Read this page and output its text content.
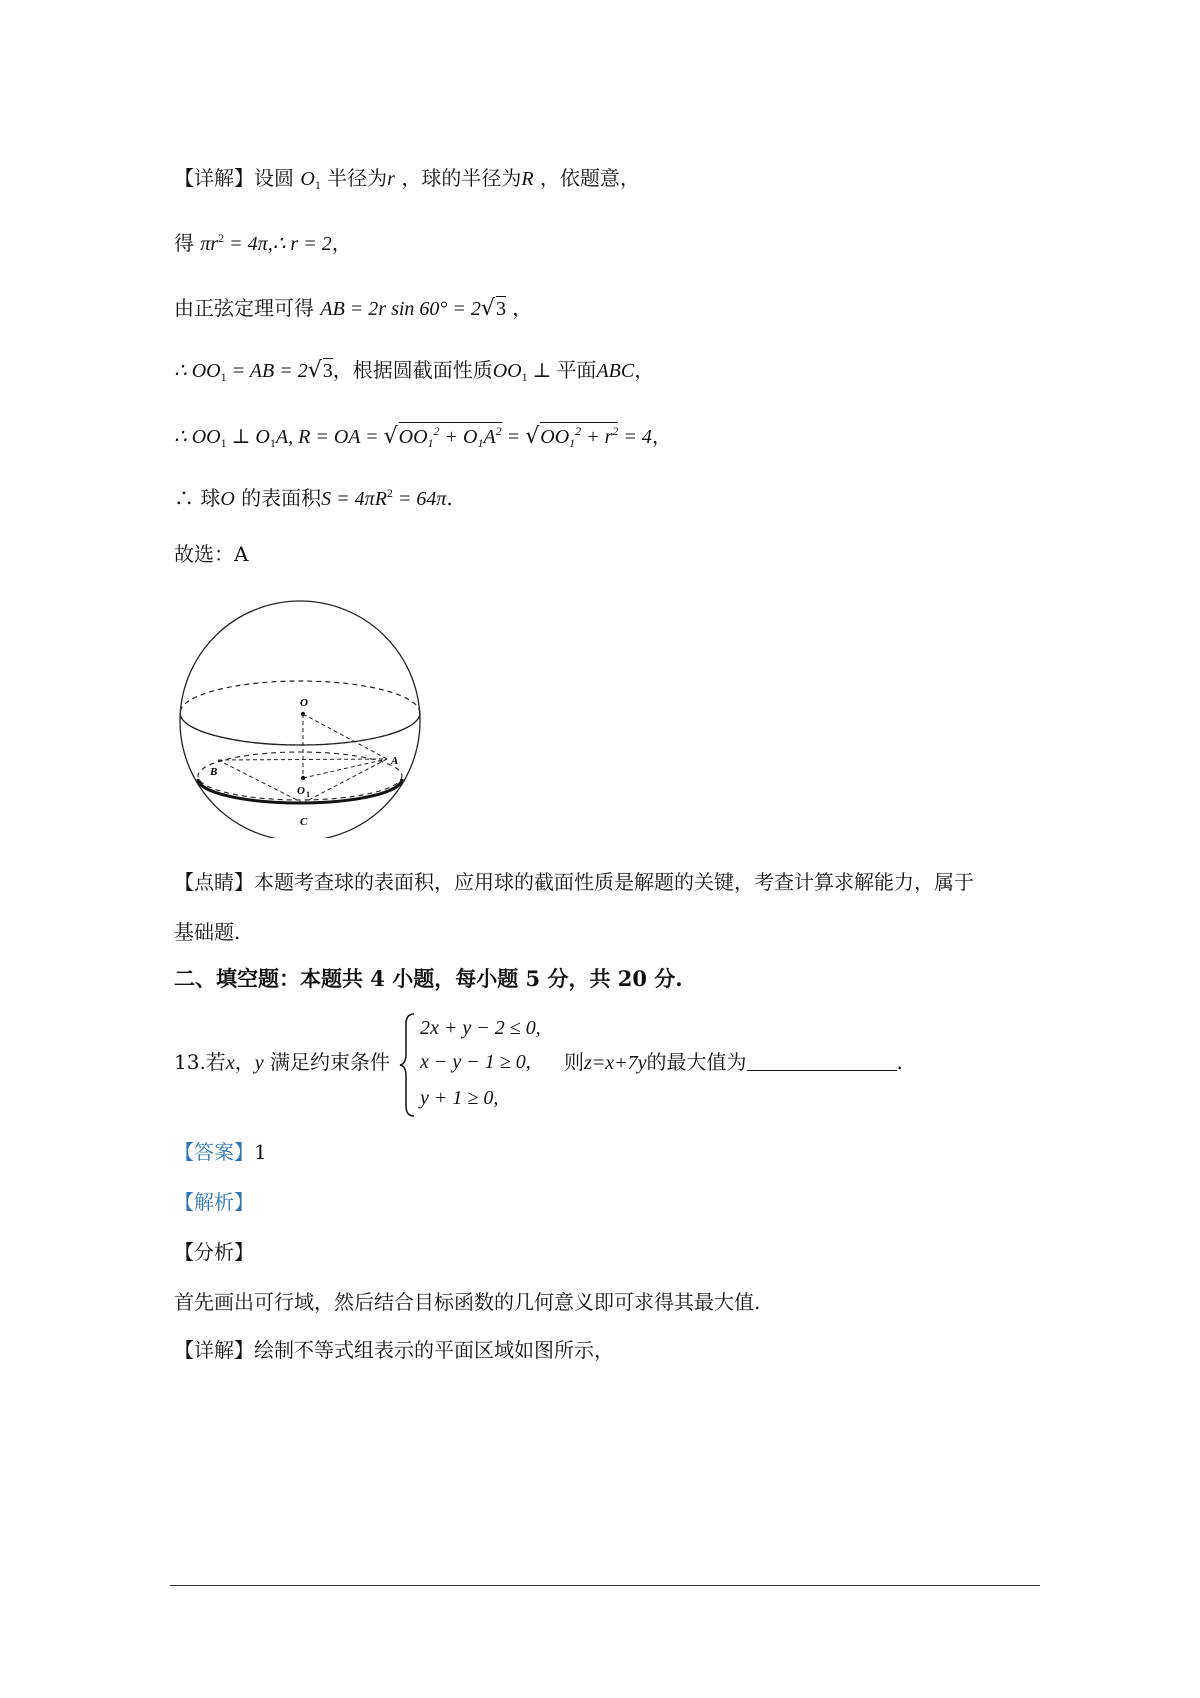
【详解】设圆 $O_1$ 半径为r ，球的半径为R ，依题意，
得 $\pi r^2$ = 4π,∴ r = 2，
由正弦定理可得 AB = 2r sin 60° = 2√3 ，
∴ $OO_1$ = AB = 2√3，根据圆截面性质$OO_1$ ⊥ 平面ABC，
∴ $OO_1$ ⊥ $O_1A$, R = OA = $√OO_1^2 + O_1A^2 = √OO_1^2 + r^2 = 4$，
∴ 球O 的表面积$S = 4\pi R^2 = 64\pi$.
故选：A
O
A
B
C
O 1
【点睛】本题考查球的表面积，应用球的截面性质是解题的关键，考查计算求解能力，属于
基础题.
二、填空题：本题共 4 小题，每小题 5 分，共 20 分.
13.若x，y 满足约束条件
2x + y − 2 ≤ 0,
x − y − 1 ≥ 0,
y + 1 ≥ 0,
则z=x+7y的最大值为	.
【答案】1
【解析】
【分析】
首先画出可行域，然后结合目标函数的几何意义即可求得其最大值.
【详解】绘制不等式组表示的平面区域如图所示，
